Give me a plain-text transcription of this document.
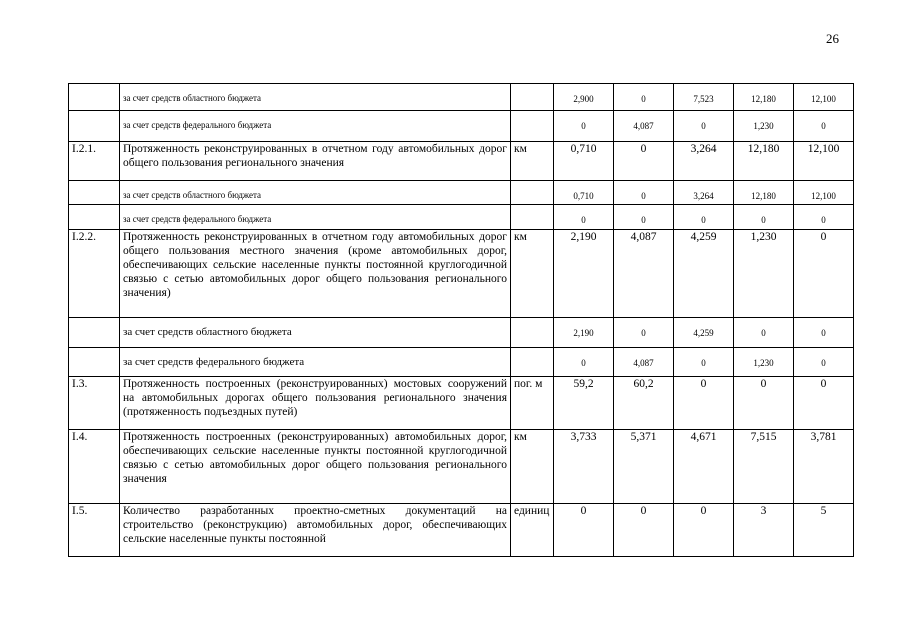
26
	за счет средств областного бюджета		2,900	0	7,523	12,180	12,100
	за счет средств федерального бюджета		0	4,087	0	1,230	0
I.2.1.	Протяженность реконструированных в отчетном году автомобильных дорог общего пользования регионального значения	км	0,710	0	3,264	12,180	12,100
	за счет средств областного бюджета		0,710	0	3,264	12,180	12,100
	за счет средств федерального бюджета		0	0	0	0	0
I.2.2.	Протяженность реконструированных в отчетном году автомобильных дорог общего пользования местного значения (кроме автомобильных дорог, обеспечивающих сельские населенные пункты постоянной круглогодичной связью с сетью автомобильных дорог общего пользования регионального значения)	км	2,190	4,087	4,259	1,230	0
	за счет средств областного бюджета		2,190	0	4,259	0	0
	за счет средств федерального бюджета		0	4,087	0	1,230	0
I.3.	Протяженность построенных (реконструированных) мостовых сооружений на автомобильных дорогах общего пользования регионального значения (протяженность подъездных путей)	пог. м	59,2	60,2	0	0	0
I.4.	Протяженность построенных (реконструированных) автомобильных дорог, обеспечивающих сельские населенные пункты постоянной круглогодичной связью с сетью автомобильных дорог общего пользования регионального значения	км	3,733	5,371	4,671	7,515	3,781
I.5.	Количество разработанных проектно-сметных документаций на строительство (реконструкцию) автомобильных дорог, обеспечивающих сельские населенные пункты постоянной	единиц	0	0	0	3	5
